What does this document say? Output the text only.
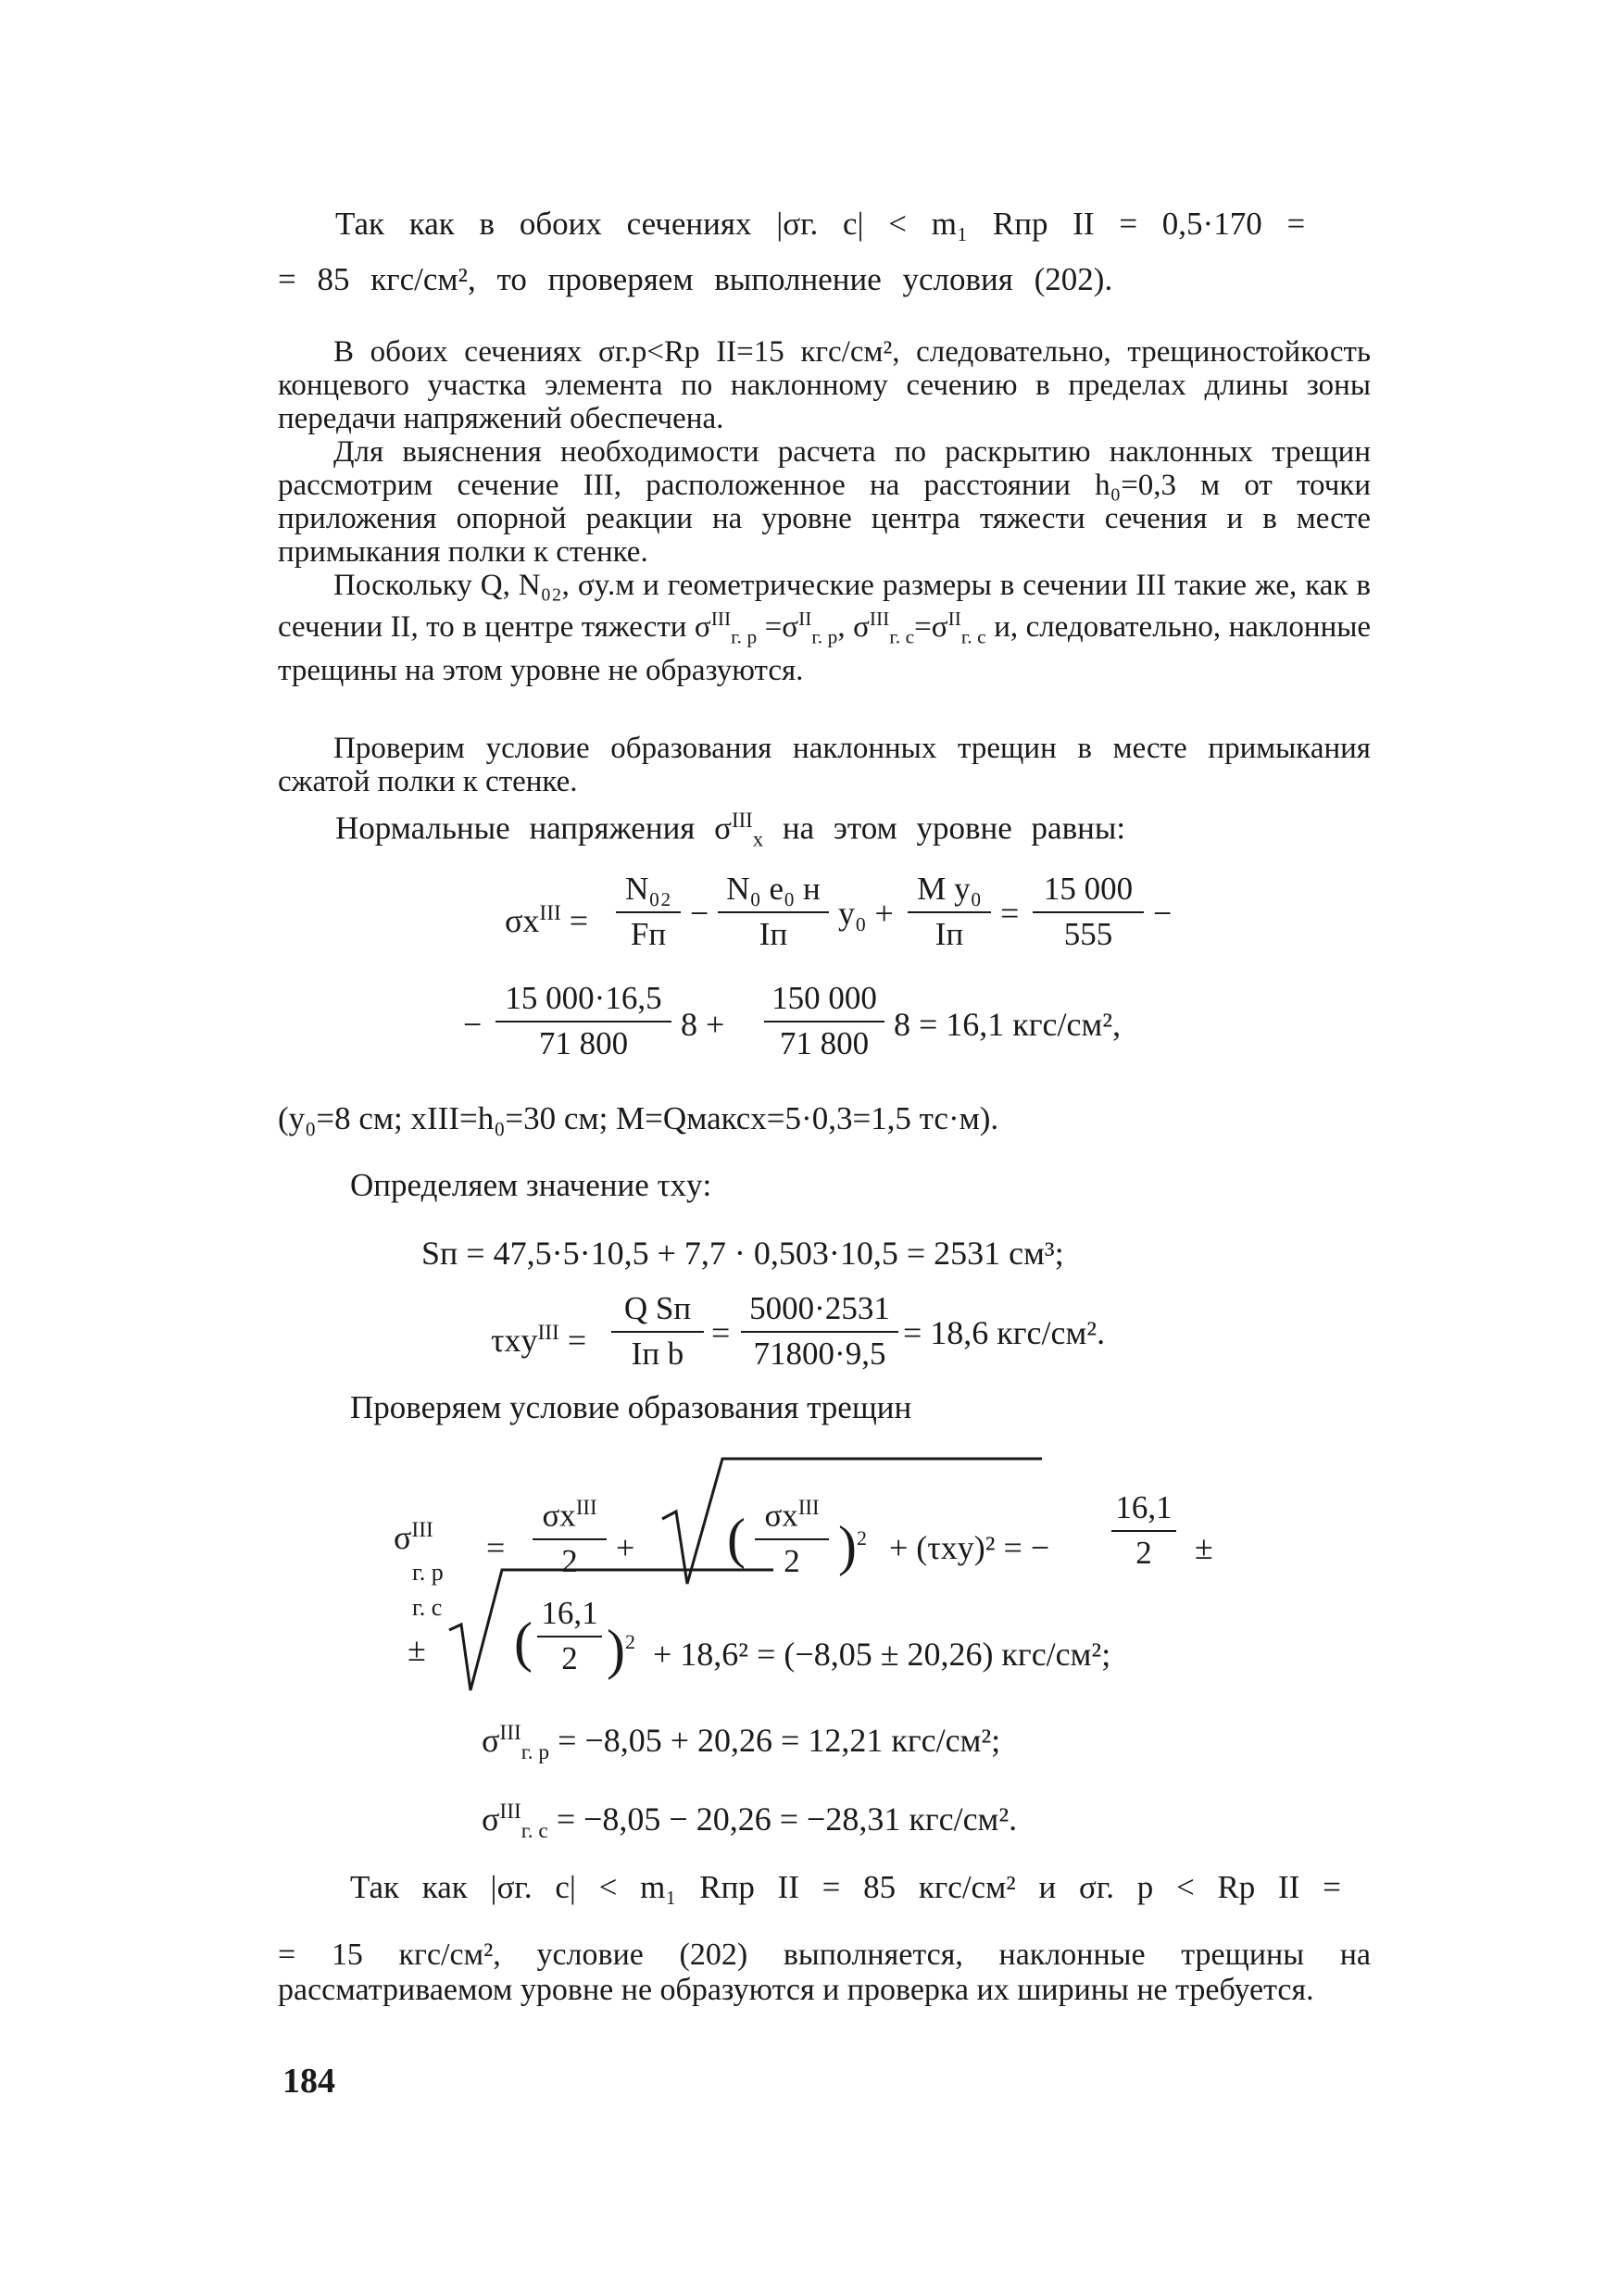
Так как в обоих сечениях |σг. с| < m₁ Rпр II = 0,5·170 =
= 85 кгс/см², то проверяем выполнение условия (202).
В обоих сечениях σг.р<Rр II=15 кгс/см², следовательно, трещиностойкость концевого участка элемента по наклонному сечению в пределах длины зоны передачи напряжений обеспечена.
Для выяснения необходимости расчета по раскрытию наклонных трещин рассмотрим сечение III, расположенное на расстоянии h₀=0,3 м от точки приложения опорной реакции на уровне центра тяжести сечения и в месте примыкания полки к стенке.
Поскольку Q, N₀₂, σy.м и геометрические размеры в сечении III такие же, как в сечении II, то в центре тяжести $\sigma^{III}_{г. р} =\sigma^{II}_{г. р}$, $\sigma^{III}_{г. с}=\sigma^{II}_{г. с}$ и, следовательно, наклонные трещины на этом уровне не образуются.
Проверим условие образования наклонных трещин в месте примыкания сжатой полки к стенке.
Нормальные напряжения $\sigma^{III}_x$ на этом уровне равны:
$\sigma x^{III}$ =
N₀₂
Fп
−
N₀ e₀ н
Iп
y₀ +
M y₀
Iп
= $\frac{15 000}{555}$ −
− $\frac{15 000\cdot 16,5}{71 800} 8 + \frac{150 000}{71 800} 8 = 16,1$ кгс/см²,
(y₀=8 см; xIII=h₀=30 см; M=Qмаксx=5·0,3=1,5 тс·м).
Определяем значение τxy:
Sп = 47,5·5·10,5 + 7,7 · 0,503·10,5 = 2531 см³;
τxy$^{III}$ =
Q Sп
Iп b
= $\frac{5000\cdot 2531}{71800\cdot 9,5} = 18,6$ кгс/см².
Проверяем условие образования трещин
$\sigma^{III}$
г. р
г. с
=
$\sigma x^{III}$
2	+ ( $\sigma x^{III}$
2 )$^2$ + (τxy)² = − $\frac{16,1}{2}$ ±
± ( $\frac{16,1}{2} )^2 + 18,6^2 = (-8,05 \pm 20,26)$ кгс/см²;
$\sigma^{III}_{г. р} = -8,05 + 20,26 = 12,21$ кгс/см²;
$\sigma^{III}_{г. с} = -8,05 - 20,26 = -28,31$ кгс/см².
Так как |σг. с| < m₁ Rпр II = 85 кгс/см² и σг. р < Rр II =
= 15 кгс/см², условие (202) выполняется, наклонные трещины на рассматриваемом уровне не образуются и проверка их ширины не требуется.
184
